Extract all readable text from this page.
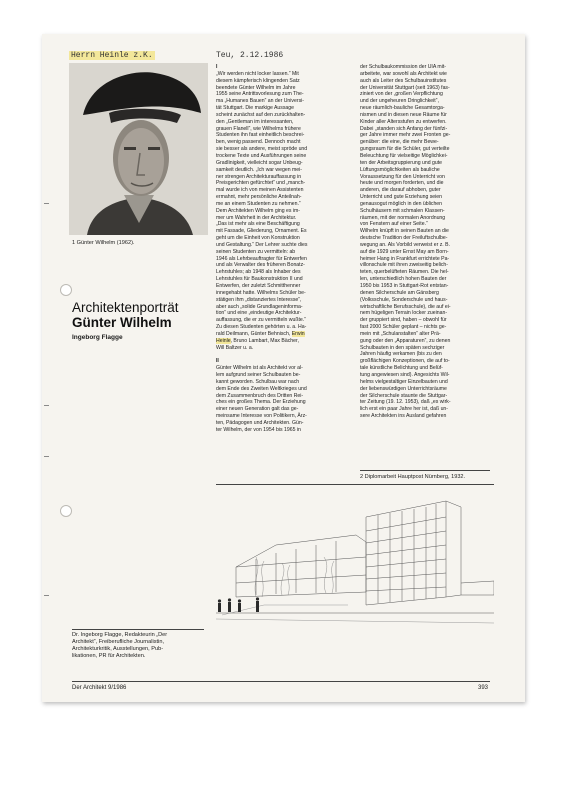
Herrn Heinle z.K.	Teu, 2.12.1986
1 Günter Wilhelm (1962).
Architektenporträt
Günter Wilhelm
Ingeborg Flagge
I
„Wir werden nicht locker lassen.“ Mit
diesem kämpferisch klingenden Satz
beendete Günter Wilhelm im Jahre
1955 seine Antrittsvorlesung zum The-
ma „Humanes Bauen“ an der Universi-
tät Stuttgart. Die markige Aussage
scheint zunächst auf den zurückhalten-
den „Gentleman im interessanten,
grauen Flanell“, wie Wilhelms frühere
Studenten ihn fast einheitlich beschrei-
ben, wenig passend. Dennoch macht
sie besser als andere, meist spröde und
trockene Texte und Ausführungen seine
Gradlinigkeit, vielleicht sogar Unbeug-
samkeit deutlich. „Ich war wegen mei-
ner strengen Architekturauffassung in
Preisgerichten gefürchtet“ und „manch-
mal wurde ich von meinen Assistenten
ermahnt, mehr persönliche Anteilnah-
me an einem Studenten zu nehmen.“
Dem Architekten Wilhelm ging es im-
mer um Wahrheit in der Architektur.
„Das ist mehr als eine Beschäftigung
mit Fassade, Gliederung, Ornament. Es
geht um die Einheit von Konstruktion
und Gestaltung.“ Der Lehrer suchte dies
seinen Studenten zu vermitteln: ab
1946 als Lehrbeauftragter für Entwerfen
und als Verwalter des früheren Bonatz-
Lehrstuhles; ab 1948 als Inhaber des
Lehrstuhles für Baukonstruktion II und
Entwerfen, der zuletzt Schmitthenner
innegehabt hatte. Wilhelms Schüler be-
stätigen ihm „distanziertes Interesse“,
aber auch „solide Grundlageninforma-
tion“ und eine „eindeutige Architektur-
auffassung, die er zu vermitteln wußte.“
Zu diesen Studenten gehörten u. a. Ha-
rald Deilmann, Günter Behnisch, Erwin
Heinle, Bruno Lambart, Max Bächer,
Will Baltzer u. a.

II
Günter Wilhelm ist als Architekt vor al-
lem aufgrund seiner Schulbauten be-
kannt geworden. Schulbau war nach
dem Ende des Zweiten Weltkrieges und
dem Zusammenbruch des Dritten Rei-
ches ein großes Thema. Der Erziehung
einer neuen Generation galt das ge-
meinsame Interesse von Politikern, Ärz-
ten, Pädagogen und Architekten. Gün-
ter Wilhelm, der von 1954 bis 1965 in
der Schulbaukommission der UIA mit-
arbeitete, war sowohl als Architekt wie
auch als Leiter des Schulbauinstitutes
der Universität Stuttgart (seit 1963) fas-
ziniert von der „großen Verpflichtung
und der ungeheuren Dringlichkeit“,
neue räumlich-bauliche Gesamtorga-
nismen und in diesen neue Räume für
Kinder aller Altersstufen zu entwerfen.
Dabei „standen sich Anfang der fünfzi-
ger Jahre immer mehr zwei Fronten ge-
genüber: die eine, die mehr Bewe-
gungsraum für die Schüler, gut verteilte
Beleuchtung für vielseitige Möglichkei-
ten der Arbeitsgruppierung und gute
Lüftungsmöglichkeiten als bauliche
Voraussetzung für den Unterricht von
heute und morgen forderten, und die
anderen, die darauf abhoben, guter
Unterricht und gute Erziehung seien
genausogut möglich in den üblichen
Schulhäusern mit schmalen Klassen-
räumen, mit der normalen Anordnung
von Fenstern auf einer Seite.“
Wilhelm knüpft in seinen Bauten an die
deutsche Tradition der Freiluftschulbe-
wegung an. Als Vorbild verweist er z. B.
auf die 1929 unter Ernst May am Born-
heimer Hang in Frankfurt errichtete Pa-
villonschule mit ihren zweiseitig belich-
teten, querbelüfteten Räumen. Die hel-
len, unterschiedlich hohen Bauten der
1950 bis 1953 in Stuttgart-Rot entstan-
denen Silcherschule am Gänsberg
(Volksschule, Sonderschule und haus-
wirtschaftliche Berufsschule), die auf ei-
nem hügeligen Terrain locker zueinan-
der gruppiert sind, haben – obwohl für
fast 2000 Schüler geplant – nichts ge-
mein mit „Schulanstalten“ alter Prä-
gung oder den „Apparaturen“, zu denen
Schulbauten in den späten sechziger
Jahren häufig verkamen (bis zu den
großflächigen Konzeptionen, die auf to-
tale künstliche Belichtung und Belüf-
tung angewiesen sind). Angesichts Wil-
helms vielgestaltiger Einzelbauten und
der liebenswürdigen Unterrichtsräume
der Silcherschule staunte die Stuttgar-
ter Zeitung (19. 12. 1953), daß „es wirk-
lich erst ein paar Jahre her ist, daß un-
sere Architekten ins Ausland gefahren
2 Diplomarbeit Hauptpost Nürnberg, 1932.
Dr. Ingeborg Flagge, Redakteurin „Der
Architekt“, Freiberufliche Journalistin,
Architekturkritik, Ausstellungen, Pub-
likationen, PR für Architekten.
Der Architekt 9/1986	393
